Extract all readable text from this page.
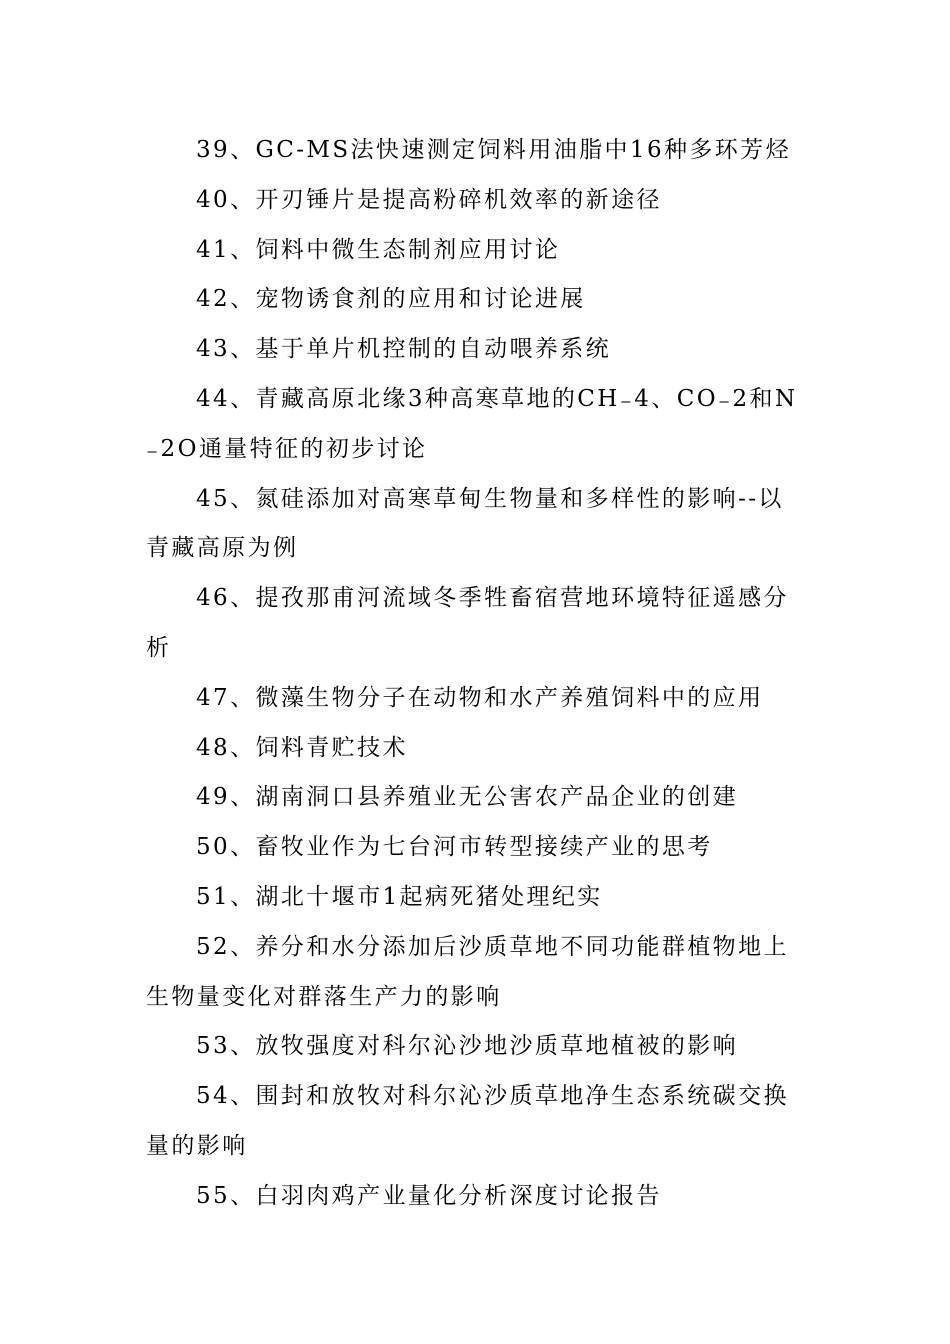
39、GC-MS法快速测定饲料用油脂中16种多环芳烃

40、开刃锤片是提高粉碎机效率的新途径

41、饲料中微生态制剂应用讨论

42、宠物诱食剂的应用和讨论进展

43、基于单片机控制的自动喂养系统

44、青藏高原北缘3种高寒草地的CH₋4、CO₋2和N₋2O通量特征的初步讨论

45、氮硅添加对高寒草甸生物量和多样性的影响--以青藏高原为例

46、提孜那甫河流域冬季牲畜宿营地环境特征遥感分析

47、微藻生物分子在动物和水产养殖饲料中的应用

48、饲料青贮技术

49、湖南洞口县养殖业无公害农产品企业的创建

50、畜牧业作为七台河市转型接续产业的思考

51、湖北十堰市1起病死猪处理纪实

52、养分和水分添加后沙质草地不同功能群植物地上生物量变化对群落生产力的影响

53、放牧强度对科尔沁沙地沙质草地植被的影响

54、围封和放牧对科尔沁沙质草地净生态系统碳交换量的影响

55、白羽肉鸡产业量化分析深度讨论报告
